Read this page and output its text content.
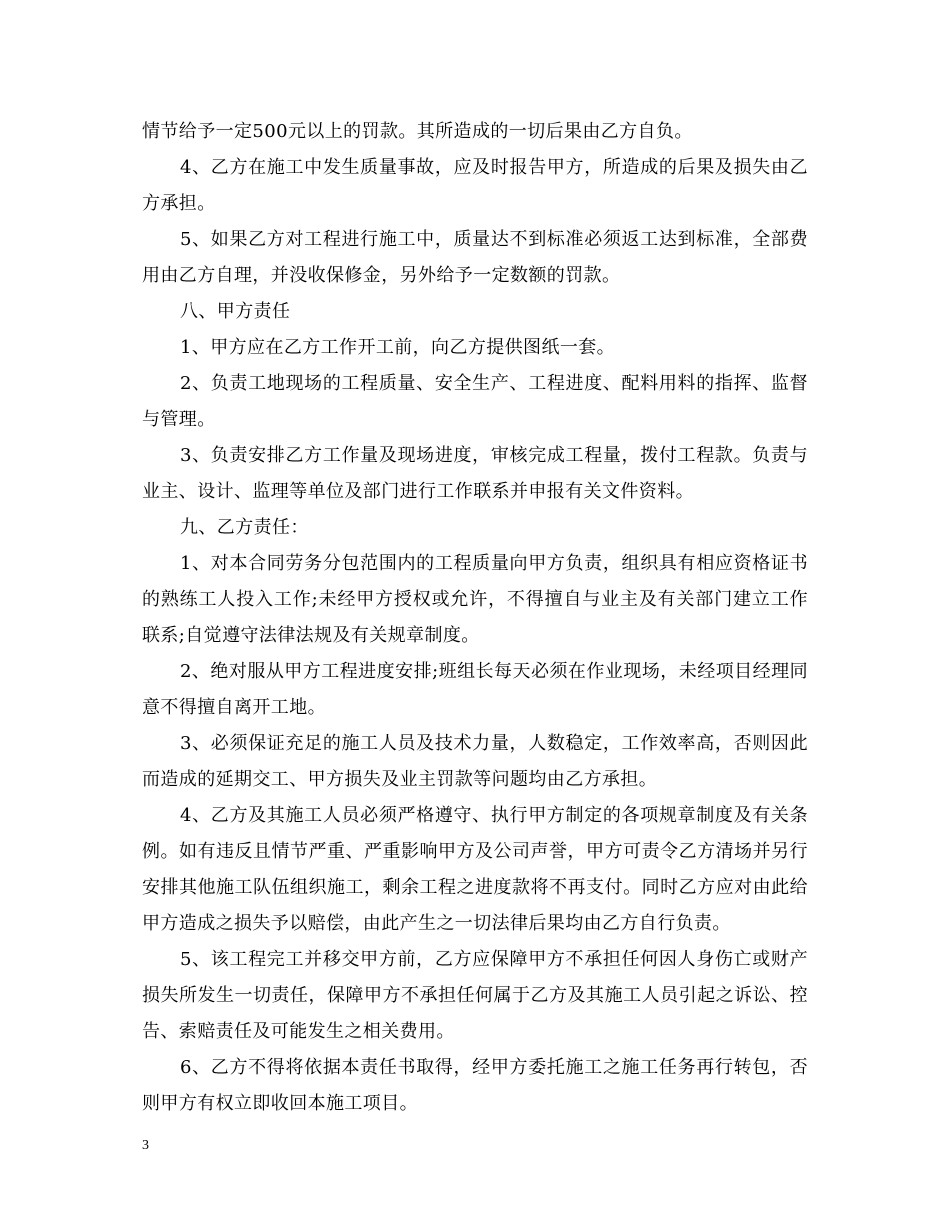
情节给予一定500元以上的罚款。其所造成的一切后果由乙方自负。
4、乙方在施工中发生质量事故，应及时报告甲方，所造成的后果及损失由乙
方承担。
5、如果乙方对工程进行施工中，质量达不到标准必须返工达到标准，全部费
用由乙方自理，并没收保修金，另外给予一定数额的罚款。
八、甲方责任
1、甲方应在乙方工作开工前，向乙方提供图纸一套。
2、负责工地现场的工程质量、安全生产、工程进度、配料用料的指挥、监督
与管理。
3、负责安排乙方工作量及现场进度，审核完成工程量，拨付工程款。负责与
业主、设计、监理等单位及部门进行工作联系并申报有关文件资料。
九、乙方责任：
1、对本合同劳务分包范围内的工程质量向甲方负责，组织具有相应资格证书
的熟练工人投入工作;未经甲方授权或允许，不得擅自与业主及有关部门建立工作
联系;自觉遵守法律法规及有关规章制度。
2、绝对服从甲方工程进度安排;班组长每天必须在作业现场，未经项目经理同
意不得擅自离开工地。
3、必须保证充足的施工人员及技术力量，人数稳定，工作效率高，否则因此
而造成的延期交工、甲方损失及业主罚款等问题均由乙方承担。
4、乙方及其施工人员必须严格遵守、执行甲方制定的各项规章制度及有关条
例。如有违反且情节严重、严重影响甲方及公司声誉，甲方可责令乙方清场并另行
安排其他施工队伍组织施工，剩余工程之进度款将不再支付。同时乙方应对由此给
甲方造成之损失予以赔偿，由此产生之一切法律后果均由乙方自行负责。
5、该工程完工并移交甲方前，乙方应保障甲方不承担任何因人身伤亡或财产
损失所发生一切责任，保障甲方不承担任何属于乙方及其施工人员引起之诉讼、控
告、索赔责任及可能发生之相关费用。
6、乙方不得将依据本责任书取得，经甲方委托施工之施工任务再行转包，否
则甲方有权立即收回本施工项目。
3
